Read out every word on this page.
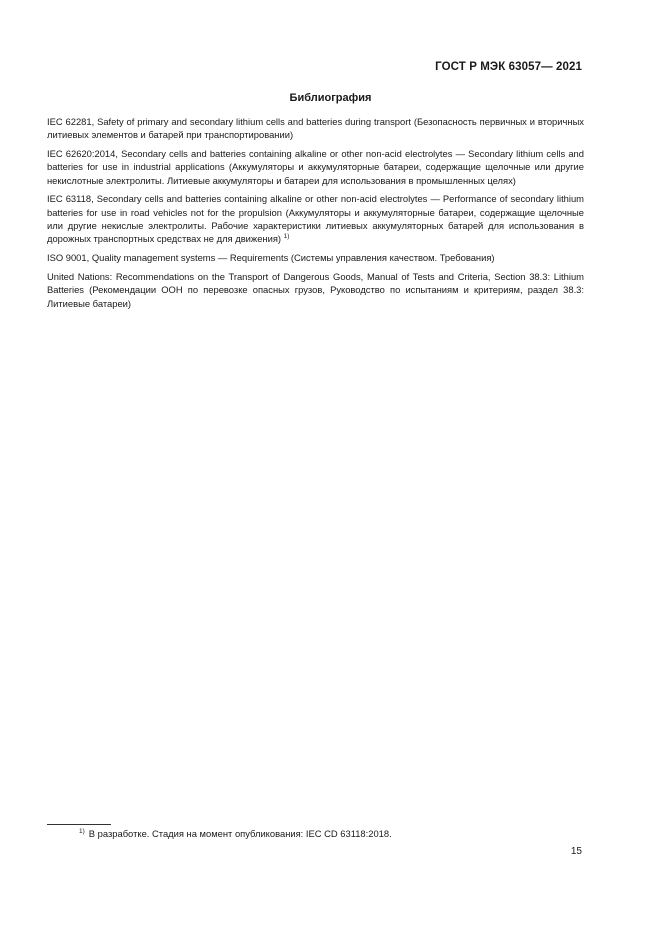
ГОСТ Р МЭК 63057— 2021
Библиография

IEC 62281, Safety of primary and secondary lithium cells and batteries during transport (Безопасность первичных и вторичных литиевых элементов и батарей при транспортировании)

IEC 62620:2014, Secondary cells and batteries containing alkaline or other non-acid electrolytes — Secondary lithium cells and batteries for use in industrial applications (Аккумуляторы и аккумуляторные батареи, содержащие щелочные или другие некислотные электролиты. Литиевые аккумуляторы и батареи для использования в промышленных целях)

IEC 63118, Secondary cells and batteries containing alkaline or other non-acid electrolytes — Performance of secondary lithium batteries for use in road vehicles not for the propulsion (Аккумуляторы и аккумуляторные батареи, содержащие щелочные или другие некислые электролиты. Рабочие характеристики литиевых аккумуляторных батарей для использования в дорожных транспортных средствах не для движения) $^{1)}$

ISO 9001, Quality management systems — Requirements (Системы управления качеством. Требования)

United Nations: Recommendations on the Transport of Dangerous Goods, Manual of Tests and Criteria, Section 38.3: Lithium Batteries (Рекомендации ООН по перевозке опасных грузов, Руководство по испытаниям и критериям, раздел 38.3: Литиевые батареи)

$^{1)}$ В разработке. Стадия на момент опубликования: IEC CD 63118:2018.
15
